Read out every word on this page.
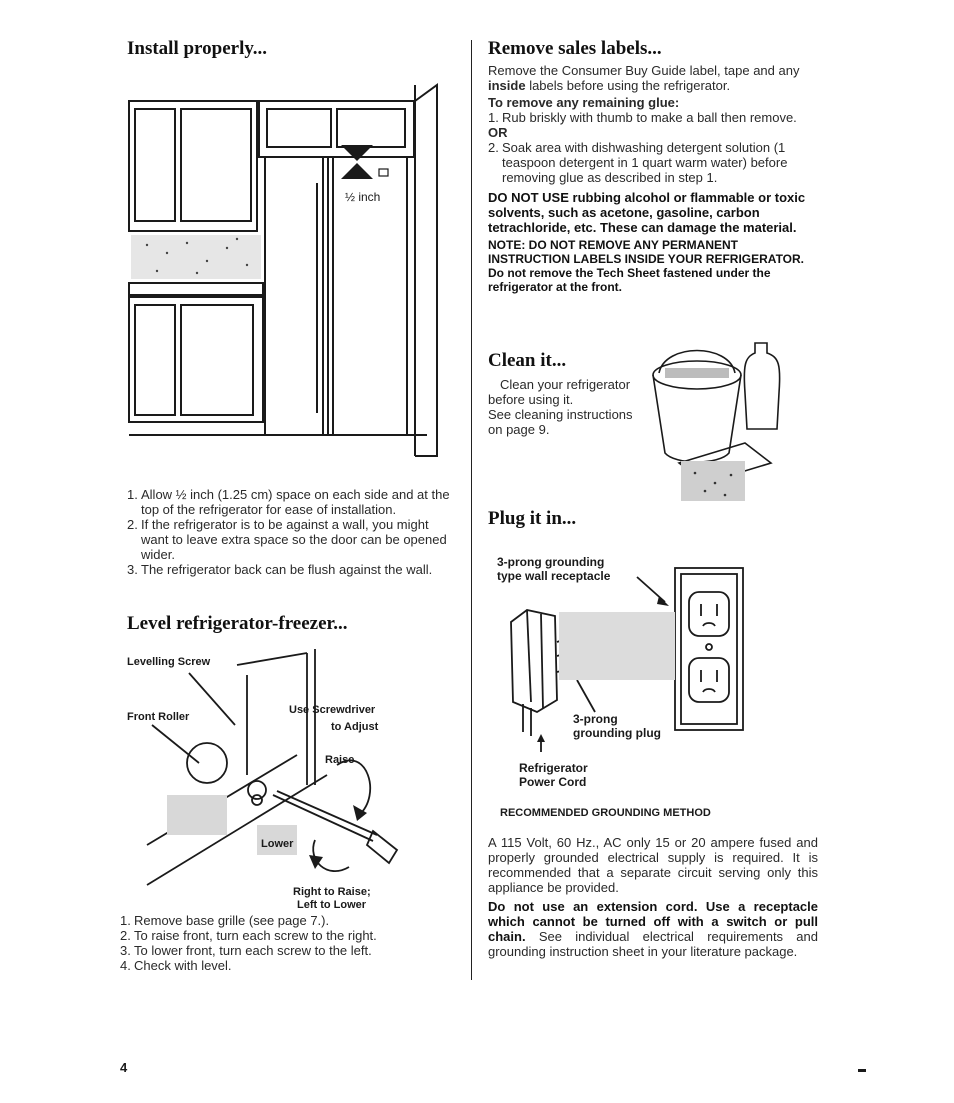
Install properly...
½ inch
1. Allow ½ inch (1.25 cm) space on each side and at the top of the refrigerator for ease of installation.
2. If the refrigerator is to be against a wall, you might want to leave extra space so the door can be opened wider.
3. The refrigerator back can be flush against the wall.
Level refrigerator-freezer...
Levelling Screw
Front Roller
Use Screwdriver
to Adjust
Raise
Lower
Right to Raise;
Left to Lower
1. Remove base grille (see page 7.).
2. To raise front, turn each screw to the right.
3. To lower front, turn each screw to the left.
4. Check with level.
Remove sales labels...
Remove the Consumer Buy Guide label, tape and any inside labels before using the refrigerator.
To remove any remaining glue:
1. Rub briskly with thumb to make a ball then remove.
OR
2. Soak area with dishwashing detergent solution (1 teaspoon detergent in 1 quart warm water) before removing glue as described in step 1.
DO NOT USE rubbing alcohol or flammable or toxic solvents, such as acetone, gasoline, carbon tetrachloride, etc. These can damage the material.
NOTE: DO NOT REMOVE ANY PERMANENT INSTRUCTION LABELS INSIDE YOUR REFRIGERATOR.
Do not remove the Tech Sheet fastened under the refrigerator at the front.
Clean it...
Clean your refrigerator
before using it.
See cleaning instructions
on page 9.
Plug it in...
3-prong grounding
type wall receptacle
3-prong
grounding plug
Refrigerator
Power Cord
RECOMMENDED GROUNDING METHOD
A 115 Volt, 60 Hz., AC only 15 or 20 ampere fused and properly grounded electrical supply is required. It is recommended that a separate circuit serving only this appliance be provided.
Do not use an extension cord. Use a receptacle which cannot be turned off with a switch or pull chain. See individual electrical requirements and grounding instruction sheet in your literature package.
4
